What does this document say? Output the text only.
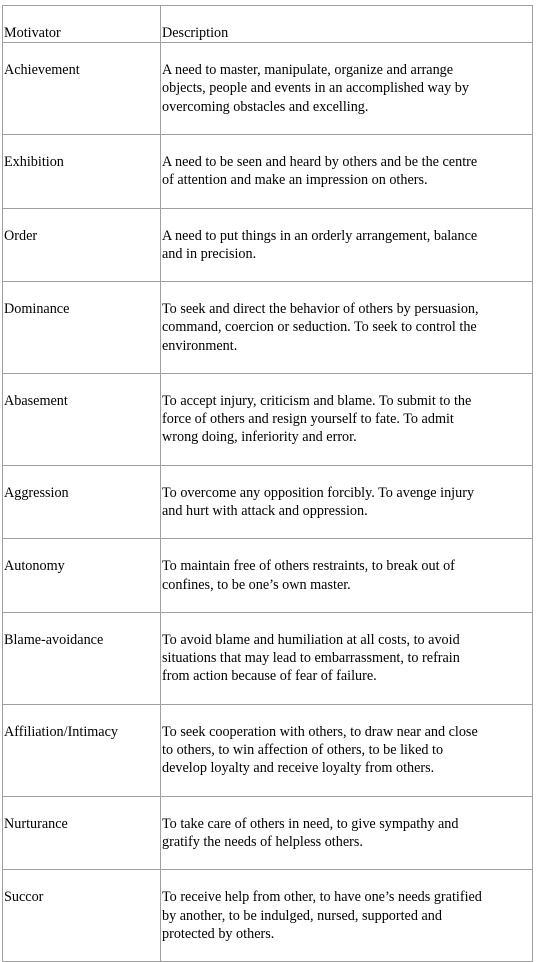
Motivator	Description
Achievement	A need to master, manipulate, organize and arrange
objects, people and events in an accomplished way by
overcoming obstacles and excelling.

Exhibition	A need to be seen and heard by others and be the centre
of attention and make an impression on others.

Order	A need to put things in an orderly arrangement, balance
and in precision.

Dominance	To seek and direct the behavior of others by persuasion,
command, coercion or seduction. To seek to control the
environment.

Abasement	To accept injury, criticism and blame. To submit to the
force of others and resign yourself to fate. To admit
wrong doing, inferiority and error.

Aggression	To overcome any opposition forcibly. To avenge injury
and hurt with attack and oppression.

Autonomy	To maintain free of others restraints, to break out of
confines, to be one’s own master.

Blame-avoidance	To avoid blame and humiliation at all costs, to avoid
situations that may lead to embarrassment, to refrain
from action because of fear of failure.

Affiliation/Intimacy	To seek cooperation with others, to draw near and close
to others, to win affection of others, to be liked to
develop loyalty and receive loyalty from others.

Nurturance	To take care of others in need, to give sympathy and
gratify the needs of helpless others.

Succor	To receive help from other, to have one’s needs gratified
by another, to be indulged, nursed, supported and
protected by others.
